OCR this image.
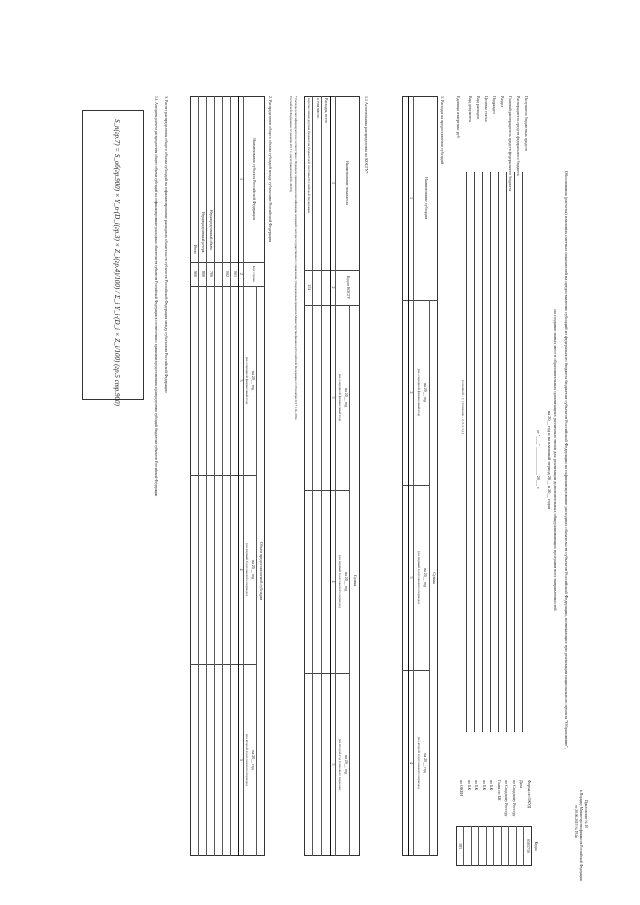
Приложение № 10
к Порядку Министерства финансов Российской Федерации
от 28.06.2019 № 194н
Обоснования (расчеты) плановых сметных показателей на предоставление субсидий из федерального бюджета бюджетам субъектов Российской Федерации на софинансирование расходных обязательств субъектов Российской Федерации, возникающих при реализации национального проекта "Образование",
на создание новых мест в образовательных организациях различных типов для реализации дополнительных общеразвивающих программ всех направленностей
на 20__ год и на плановый период 20__ и 20__ годов
от "____" ______________ 20___ г.
Коды
Форма по ОКУД
Дата
по Сводному Реестру
по Сводному Реестру
Глава по БК
по БК
по БК
по БК
по БК
по ОКЕИ
0505710
383
Получатель бюджетных средств
Распорядитель средств федерального бюджета
Главный распорядитель средств федерального бюджета
Раздел
Подраздел
Целевая статья
Вид расходов
Вид документа
(основной - 1; уточнение - 2, 3, и т.д.)
Единица измерения: руб
1. Расходы на предоставление субсидий
Наименование субсидии
Сумма
на 20__ год
(на очередной финансовый год)
на 20__ год
(на первый год планового периода)
на 20__ год
(на второй год планового периода)
1
2
3
4
1.1 Ассигнования распределения по КОСГУ*
Наименование показателя
Код по КОСГУ
Сумма
на 20__ год
(на очередной финансовый год)
на 20__ год
(на первый год планового периода)
на 20__ год
(на второй год планового периода)
1
2
3
4
5
Расходы, всего
в том числе:
перечисления другим бюджетам бюджетной системы Российской Федерации
251
* Расходы классифицируются в соответствии с Порядком применения классификации операций сектора государственного управления, утвержденным приказом Министерства финансов Российской Федерации от 29 ноября 2017 г. № 209н
Российской Федерации 12 декабря 2017 г., регистрационный № 49219)
2. Распределение общего объема субсидий между субъектами Российской Федерации
Наименование субъекта Российской Федерации
Код строки
Объем предоставляемой субсидии
на 20__ год
(на очередной финансовый год)
на 20__ год
(на первый год планового периода)
на 20__ год
(на второй год планового периода)
1
2
3
4
5
001
002
Нераспределенный объем
700
Нераспределенный резерв
800
Итого
900
3. Расчет распределения общего объема субсидий на софинансирование расходных обязательств субъектов Российской Федерации между субъектами Российской Федерации
3.1. Алгоритм расчета распределения общего объема субсидий на софинансирование расходных обязательств субъектов Российской Федерации в соответствии с правилами предоставления и распределения субсидий бюджетам субъектов Российской Федерации
S_n(гр.7) = S_об(гр.900) × Y_n·(D_i(гр.3) × Z_i(гр.4)/100) / Σ_i Y_i·(D_i × Z_i/100) (гр.5 стр.900)
